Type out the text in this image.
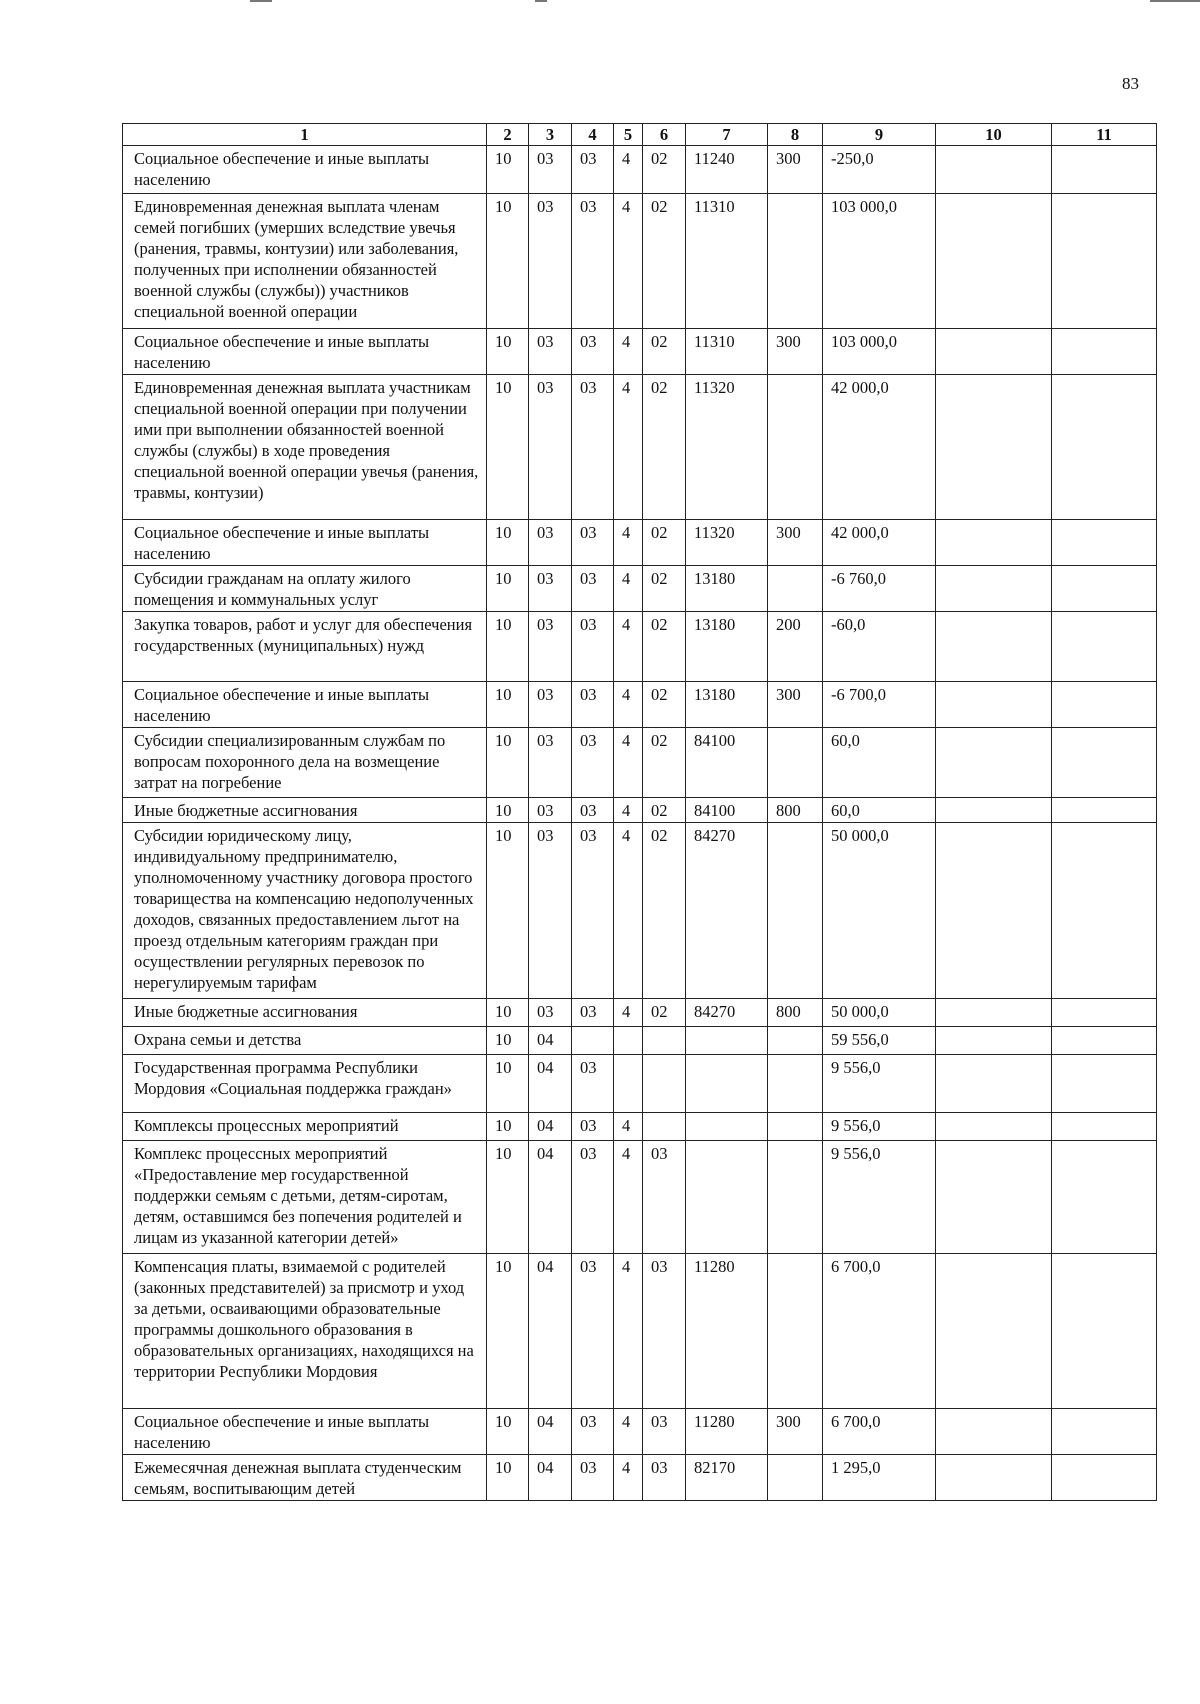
83
1	2	3	4	5	6	7	8	9	10	11
Социальное обеспечение и иные выплаты населению	10	03	03	4	02	11240	300	-250,0		
Единовременная денежная выплата членам семей погибших (умерших вследствие увечья (ранения, травмы, контузии) или заболевания, полученных при исполнении обязанностей военной службы (службы)) участников специальной военной операции	10	03	03	4	02	11310		103 000,0		
Социальное обеспечение и иные выплаты населению	10	03	03	4	02	11310	300	103 000,0		
Единовременная денежная выплата участникам специальной военной операции при получении ими при выполнении обязанностей военной службы (службы) в ходе проведения специальной военной операции увечья (ранения, травмы, контузии)	10	03	03	4	02	11320		42 000,0		
Социальное обеспечение и иные выплаты населению	10	03	03	4	02	11320	300	42 000,0		
Субсидии гражданам на оплату жилого помещения и коммунальных услуг	10	03	03	4	02	13180		-6 760,0		
Закупка товаров, работ и услуг для обеспечения государственных (муниципальных) нужд	10	03	03	4	02	13180	200	-60,0		
Социальное обеспечение и иные выплаты населению	10	03	03	4	02	13180	300	-6 700,0		
Субсидии специализированным службам по вопросам похоронного дела на возмещение затрат на погребение	10	03	03	4	02	84100		60,0		
Иные бюджетные ассигнования	10	03	03	4	02	84100	800	60,0		
Субсидии юридическому лицу, индивидуальному предпринимателю, уполномоченному участнику договора простого товарищества на компенсацию недополученных доходов, связанных предоставлением льгот на проезд отдельным категориям граждан при осуществлении регулярных перевозок по нерегулируемым тарифам	10	03	03	4	02	84270		50 000,0		
Иные бюджетные ассигнования	10	03	03	4	02	84270	800	50 000,0		
Охрана семьи и детства	10	04						59 556,0		
Государственная программа Республики Мордовия «Социальная поддержка граждан»	10	04	03					9 556,0		
Комплексы процессных мероприятий	10	04	03	4				9 556,0		
Комплекс процессных мероприятий «Предоставление мер государственной поддержки семьям с детьми, детям-сиротам, детям, оставшимся без попечения родителей и лицам из указанной категории детей»	10	04	03	4	03			9 556,0		
Компенсация платы, взимаемой с родителей (законных представителей) за присмотр и уход за детьми, осваивающими образовательные программы дошкольного образования в образовательных организациях, находящихся на территории Республики Мордовия	10	04	03	4	03	11280		6 700,0		
Социальное обеспечение и иные выплаты населению	10	04	03	4	03	11280	300	6 700,0		
Ежемесячная денежная выплата студенческим семьям, воспитывающим детей	10	04	03	4	03	82170		1 295,0		
